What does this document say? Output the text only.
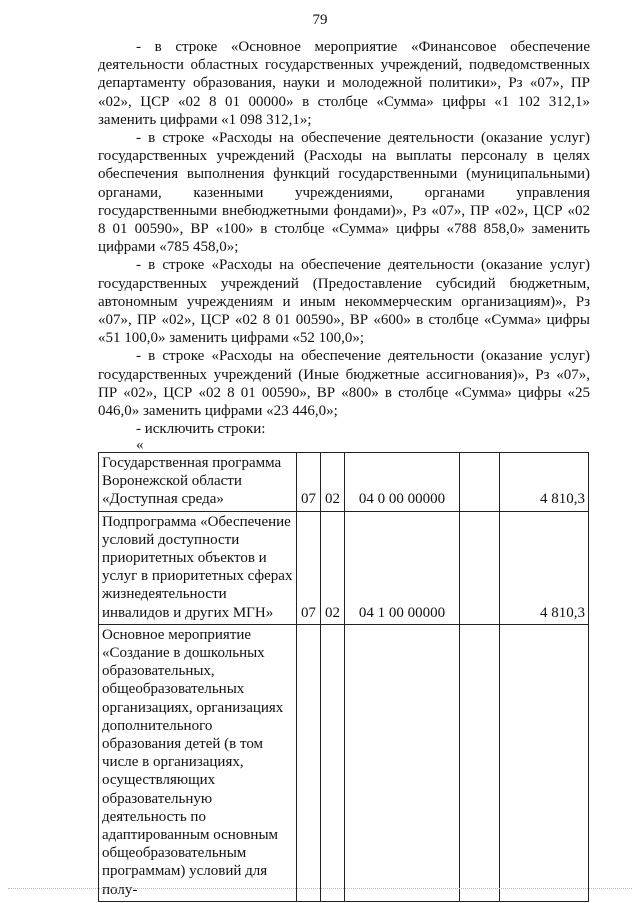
79

- в строке «Основное мероприятие «Финансовое обеспечение деятельности областных государственных учреждений, подведомственных департаменту образования, науки и молодежной политики», Рз «07», ПР «02», ЦСР «02 8 01 00000» в столбце «Сумма» цифры «1 102 312,1» заменить цифрами «1 098 312,1»;

- в строке «Расходы на обеспечение деятельности (оказание услуг) государственных учреждений (Расходы на выплаты персоналу в целях обеспечения выполнения функций государственными (муниципальными) органами, казенными учреждениями, органами управления государственными внебюджетными фондами)», Рз «07», ПР «02», ЦСР «02 8 01 00590», ВР «100» в столбце «Сумма» цифры «788 858,0» заменить цифрами «785 458,0»;

- в строке «Расходы на обеспечение деятельности (оказание услуг) государственных учреждений (Предоставление субсидий бюджетным, автономным учреждениям и иным некоммерческим организациям)», Рз «07», ПР «02», ЦСР «02 8 01 00590», ВР «600» в столбце «Сумма» цифры «51 100,0» заменить цифрами «52 100,0»;

- в строке «Расходы на обеспечение деятельности (оказание услуг) государственных учреждений (Иные бюджетные ассигнования)», Рз «07», ПР «02», ЦСР «02 8 01 00590», ВР «800» в столбце «Сумма» цифры «25 046,0» заменить цифрами «23 446,0»;

- исключить строки:

«

Государственная программа Воронежской области «Доступная среда»	07	02	04 0 00 00000		4 810,3
Подпрограмма «Обеспечение условий доступности приоритетных объектов и услуг в приоритетных сферах жизнедеятельности инвалидов и других МГН»	07	02	04 1 00 00000		4 810,3
Основное мероприятие «Создание в дошкольных образовательных, общеобразовательных организациях, организациях дополнительного образования детей (в том числе в организациях, осуществляющих образовательную деятельность по адаптированным основным общеобразовательным программам) условий для полу-					
